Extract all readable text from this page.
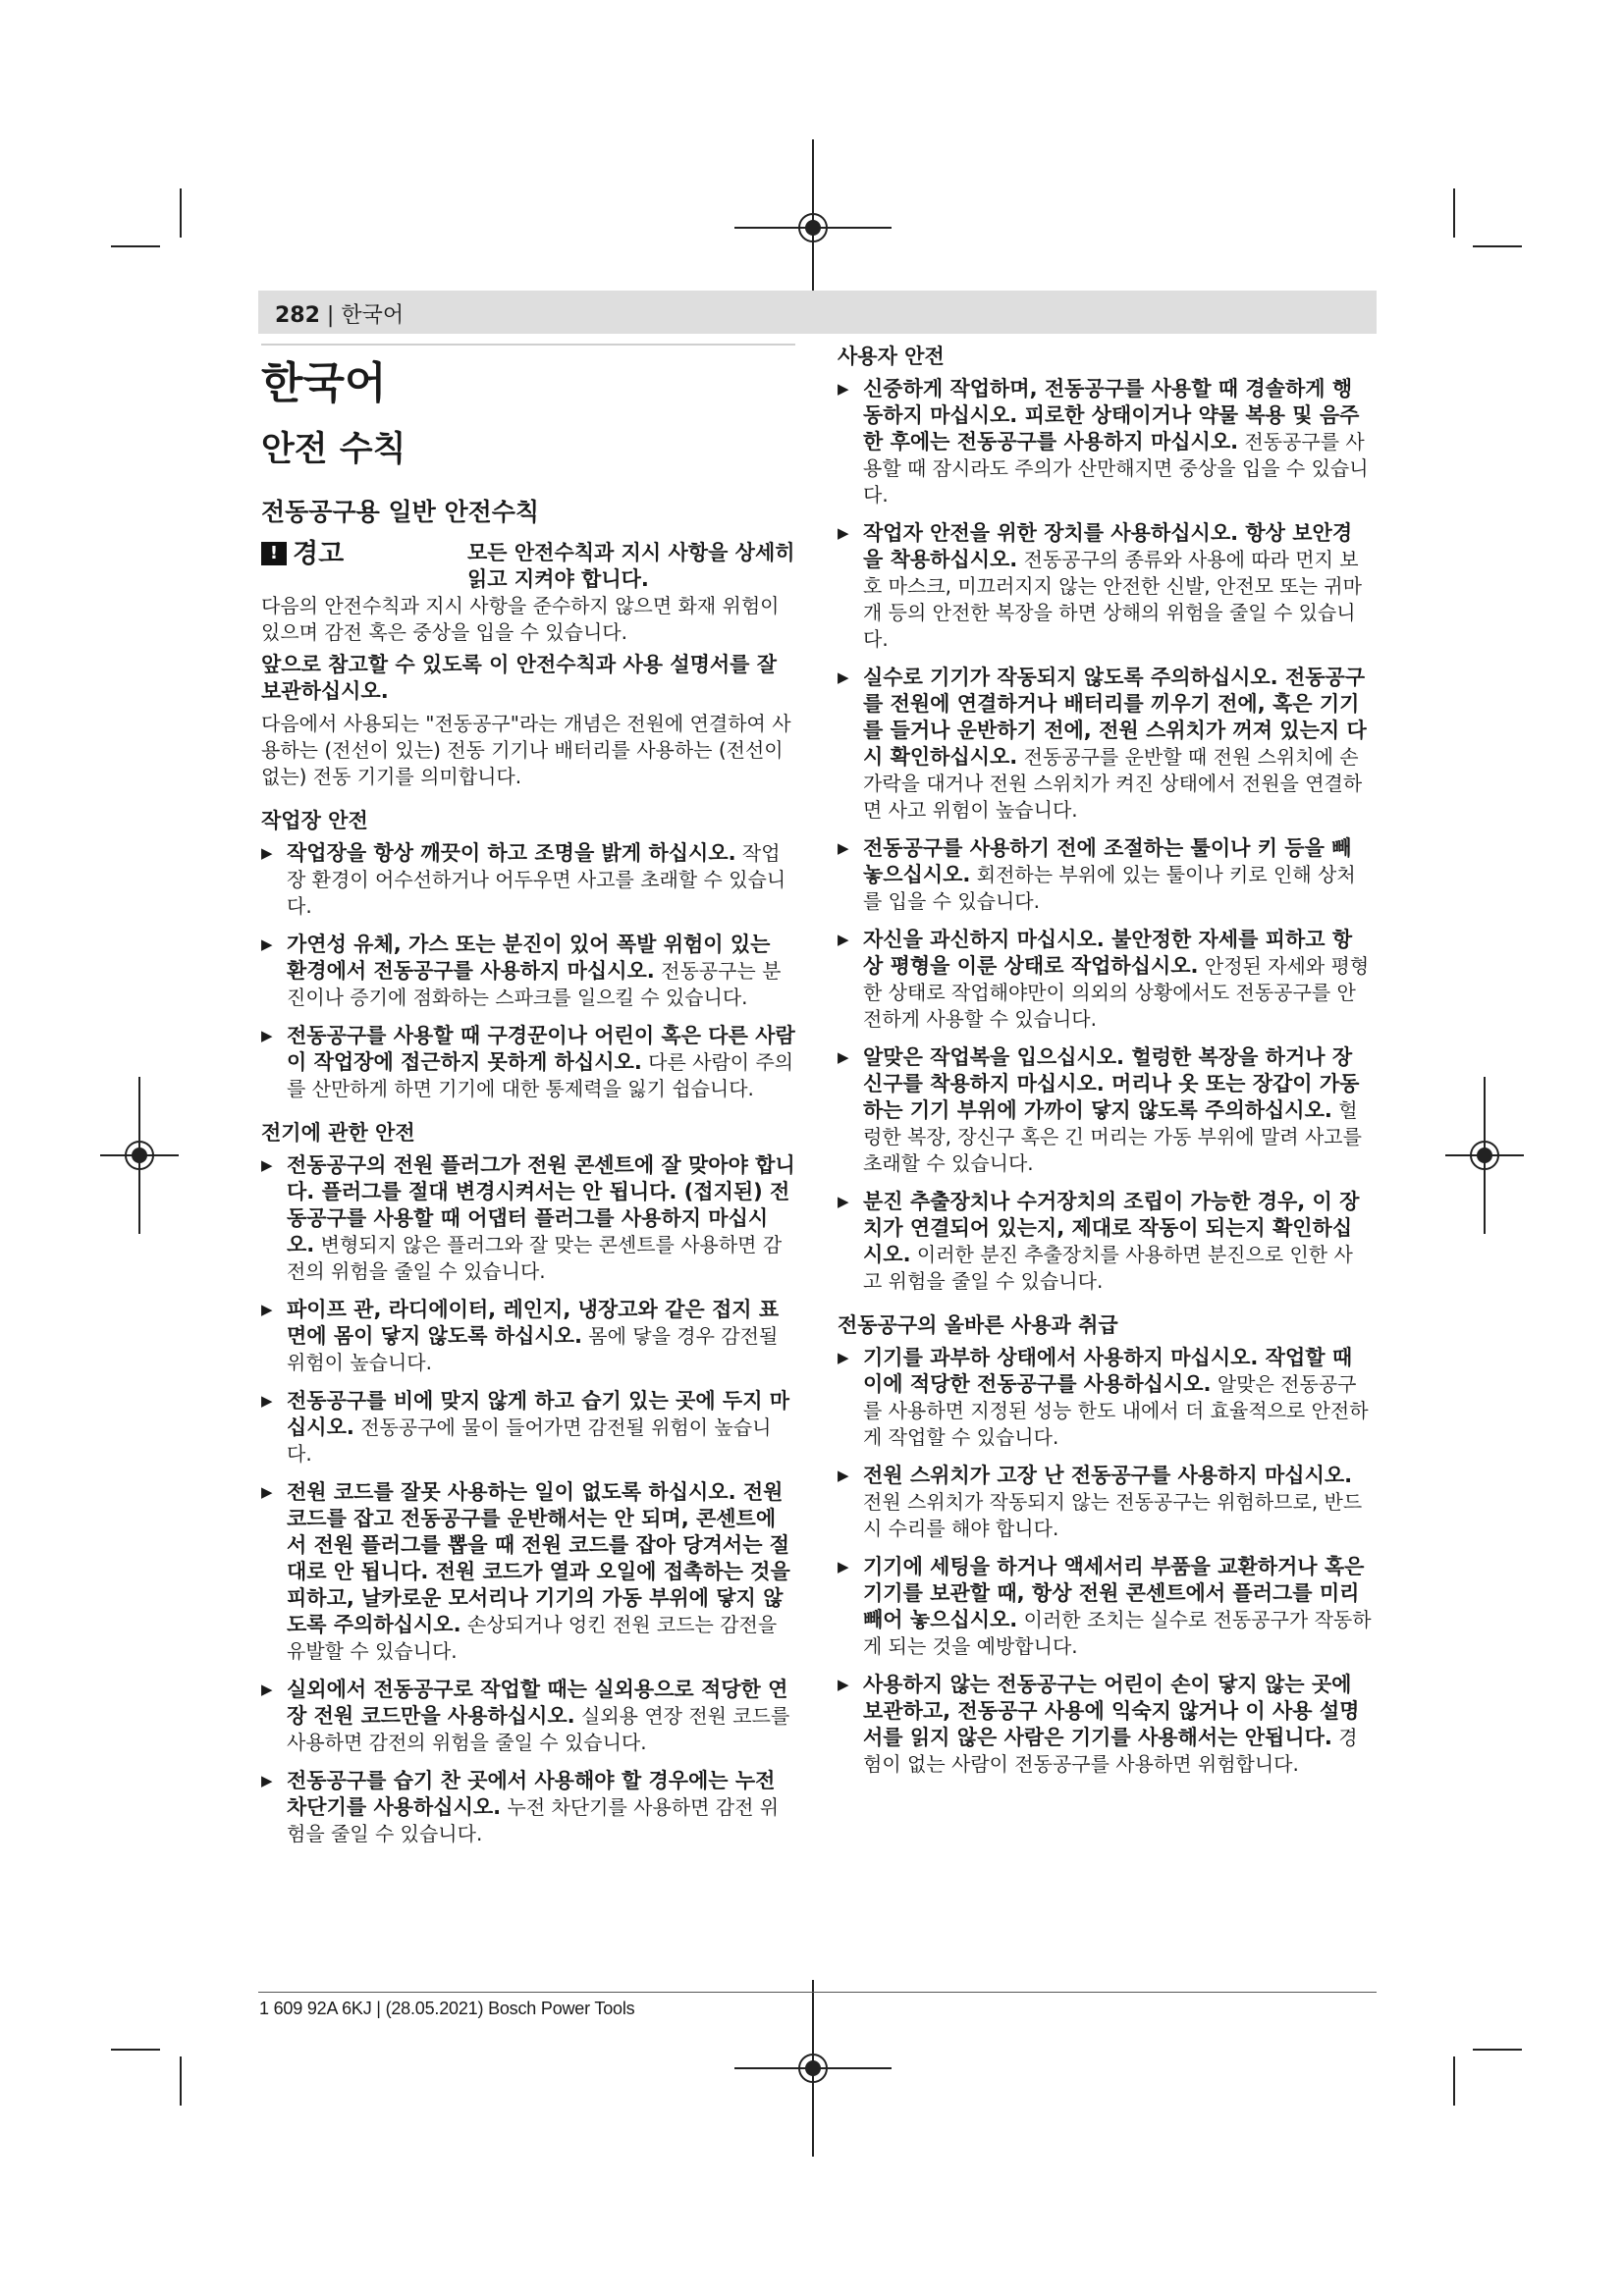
282 | 한국어
한국어
안전 수칙
전동공구용 일반 안전수칙
! 경고	모든 안전수칙과 지시 사항을 상세히 읽고 지켜야 합니다.

다음의 안전수칙과 지시 사항을 준수하지 않으면 화재 위험이 있으며 감전 혹은 중상을 입을 수 있습니다.

앞으로 참고할 수 있도록 이 안전수칙과 사용 설명서를 잘 보관하십시오.

다음에서 사용되는 "전동공구"라는 개념은 전원에 연결하여 사용하는 (전선이 있는) 전동 기기나 배터리를 사용하는 (전선이 없는) 전동 기기를 의미합니다.

작업장 안전
▶ 작업장을 항상 깨끗이 하고 조명을 밝게 하십시오. 작업장 환경이 어수선하거나 어두우면 사고를 초래할 수 있습니다.
▶ 가연성 유체, 가스 또는 분진이 있어 폭발 위험이 있는 환경에서 전동공구를 사용하지 마십시오. 전동공구는 분진이나 증기에 점화하는 스파크를 일으킬 수 있습니다.
▶ 전동공구를 사용할 때 구경꾼이나 어린이 혹은 다른 사람이 작업장에 접근하지 못하게 하십시오. 다른 사람이 주의를 산만하게 하면 기기에 대한 통제력을 잃기 쉽습니다.
전기에 관한 안전
▶ 전동공구의 전원 플러그가 전원 콘센트에 잘 맞아야 합니다. 플러그를 절대 변경시켜서는 안 됩니다. (접지된) 전동공구를 사용할 때 어댑터 플러그를 사용하지 마십시오. 변형되지 않은 플러그와 잘 맞는 콘센트를 사용하면 감전의 위험을 줄일 수 있습니다.
▶ 파이프 관, 라디에이터, 레인지, 냉장고와 같은 접지 표면에 몸이 닿지 않도록 하십시오. 몸에 닿을 경우 감전될 위험이 높습니다.
▶ 전동공구를 비에 맞지 않게 하고 습기 있는 곳에 두지 마십시오. 전동공구에 물이 들어가면 감전될 위험이 높습니다.
▶ 전원 코드를 잘못 사용하는 일이 없도록 하십시오. 전원 코드를 잡고 전동공구를 운반해서는 안 되며, 콘센트에서 전원 플러그를 뽑을 때 전원 코드를 잡아 당겨서는 절대로 안 됩니다. 전원 코드가 열과 오일에 접촉하는 것을 피하고, 날카로운 모서리나 기기의 가동 부위에 닿지 않도록 주의하십시오. 손상되거나 엉킨 전원 코드는 감전을 유발할 수 있습니다.
▶ 실외에서 전동공구로 작업할 때는 실외용으로 적당한 연장 전원 코드만을 사용하십시오. 실외용 연장 전원 코드를 사용하면 감전의 위험을 줄일 수 있습니다.
▶ 전동공구를 습기 찬 곳에서 사용해야 할 경우에는 누전 차단기를 사용하십시오. 누전 차단기를 사용하면 감전 위험을 줄일 수 있습니다.
사용자 안전
▶ 신중하게 작업하며, 전동공구를 사용할 때 경솔하게 행동하지 마십시오. 피로한 상태이거나 약물 복용 및 음주한 후에는 전동공구를 사용하지 마십시오. 전동공구를 사용할 때 잠시라도 주의가 산만해지면 중상을 입을 수 있습니다.
▶ 작업자 안전을 위한 장치를 사용하십시오. 항상 보안경을 착용하십시오. 전동공구의 종류와 사용에 따라 먼지 보호 마스크, 미끄러지지 않는 안전한 신발, 안전모 또는 귀마개 등의 안전한 복장을 하면 상해의 위험을 줄일 수 있습니다.
▶ 실수로 기기가 작동되지 않도록 주의하십시오. 전동공구를 전원에 연결하거나 배터리를 끼우기 전에, 혹은 기기를 들거나 운반하기 전에, 전원 스위치가 꺼져 있는지 다시 확인하십시오. 전동공구를 운반할 때 전원 스위치에 손가락을 대거나 전원 스위치가 켜진 상태에서 전원을 연결하면 사고 위험이 높습니다.
▶ 전동공구를 사용하기 전에 조절하는 툴이나 키 등을 빼 놓으십시오. 회전하는 부위에 있는 툴이나 키로 인해 상처를 입을 수 있습니다.
▶ 자신을 과신하지 마십시오. 불안정한 자세를 피하고 항상 평형을 이룬 상태로 작업하십시오. 안정된 자세와 평형한 상태로 작업해야만이 의외의 상황에서도 전동공구를 안전하게 사용할 수 있습니다.
▶ 알맞은 작업복을 입으십시오. 헐렁한 복장을 하거나 장신구를 착용하지 마십시오. 머리나 옷 또는 장갑이 가동하는 기기 부위에 가까이 닿지 않도록 주의하십시오. 헐렁한 복장, 장신구 혹은 긴 머리는 가동 부위에 말려 사고를 초래할 수 있습니다.
▶ 분진 추출장치나 수거장치의 조립이 가능한 경우, 이 장치가 연결되어 있는지, 제대로 작동이 되는지 확인하십시오. 이러한 분진 추출장치를 사용하면 분진으로 인한 사고 위험을 줄일 수 있습니다.
전동공구의 올바른 사용과 취급
▶ 기기를 과부하 상태에서 사용하지 마십시오. 작업할 때 이에 적당한 전동공구를 사용하십시오. 알맞은 전동공구를 사용하면 지정된 성능 한도 내에서 더 효율적으로 안전하게 작업할 수 있습니다.
▶ 전원 스위치가 고장 난 전동공구를 사용하지 마십시오. 전원 스위치가 작동되지 않는 전동공구는 위험하므로, 반드시 수리를 해야 합니다.
▶ 기기에 세팅을 하거나 액세서리 부품을 교환하거나 혹은 기기를 보관할 때, 항상 전원 콘센트에서 플러그를 미리 빼어 놓으십시오. 이러한 조치는 실수로 전동공구가 작동하게 되는 것을 예방합니다.
▶ 사용하지 않는 전동공구는 어린이 손이 닿지 않는 곳에 보관하고, 전동공구 사용에 익숙지 않거나 이 사용 설명서를 읽지 않은 사람은 기기를 사용해서는 안됩니다. 경험이 없는 사람이 전동공구를 사용하면 위험합니다.
1 609 92A 6KJ | (28.05.2021) Bosch Power Tools
